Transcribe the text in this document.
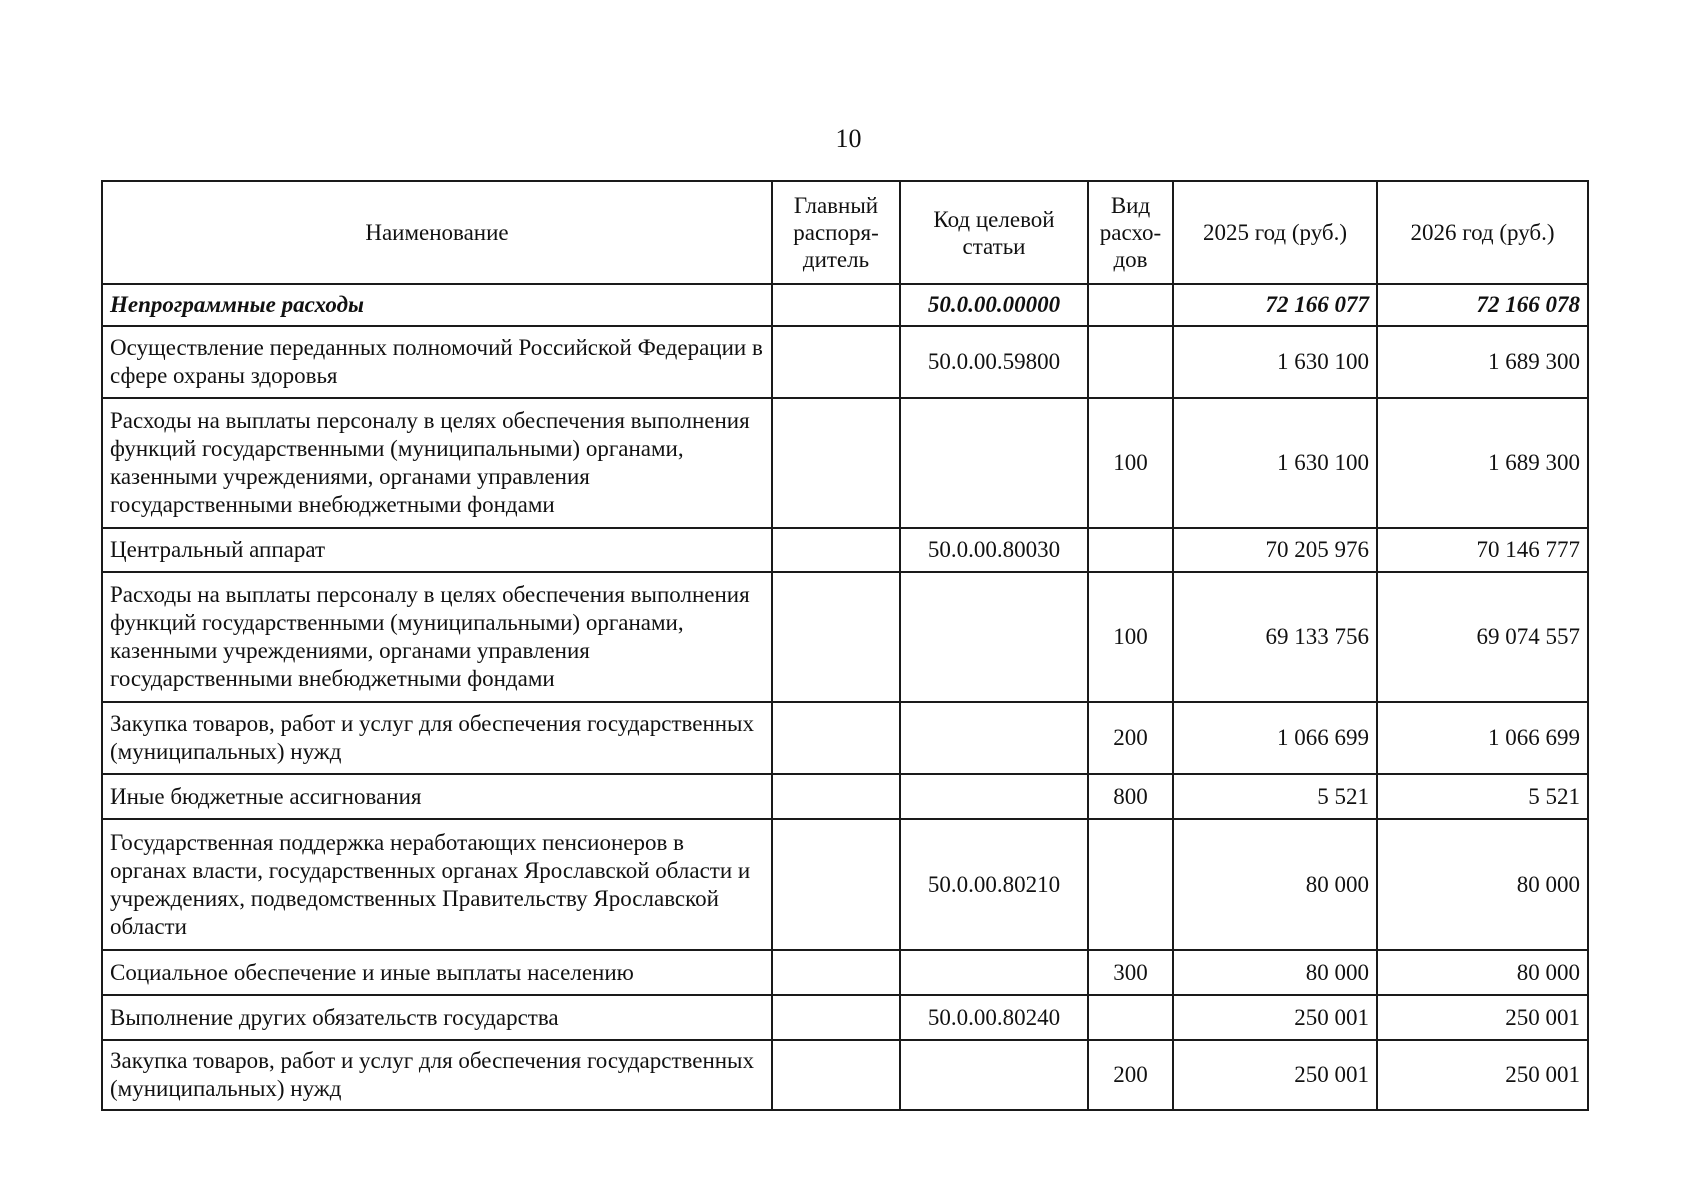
10
Наименование	Главный распоря-дитель	Код целевой статьи	Вид расхо-дов	2025 год (руб.)	2026 год (руб.)
Непрограммные расходы		50.0.00.00000		72 166 077	72 166 078
Осуществление переданных полномочий Российской Федерации в сфере охраны здоровья		50.0.00.59800		1 630 100	1 689 300
Расходы на выплаты персоналу в целях обеспечения выполнения функций государственными (муниципальными) органами, казенными учреждениями, органами управления государственными внебюджетными фондами			100	1 630 100	1 689 300
Центральный аппарат		50.0.00.80030		70 205 976	70 146 777
Расходы на выплаты персоналу в целях обеспечения выполнения функций государственными (муниципальными) органами, казенными учреждениями, органами управления государственными внебюджетными фондами			100	69 133 756	69 074 557
Закупка товаров, работ и услуг для обеспечения государственных (муниципальных) нужд			200	1 066 699	1 066 699
Иные бюджетные ассигнования			800	5 521	5 521
Государственная поддержка неработающих пенсионеров в органах власти, государственных органах Ярославской области и учреждениях, подведомственных Правительству Ярославской области		50.0.00.80210		80 000	80 000
Социальное обеспечение и иные выплаты населению			300	80 000	80 000
Выполнение других обязательств государства		50.0.00.80240		250 001	250 001
Закупка товаров, работ и услуг для обеспечения государственных (муниципальных) нужд			200	250 001	250 001
